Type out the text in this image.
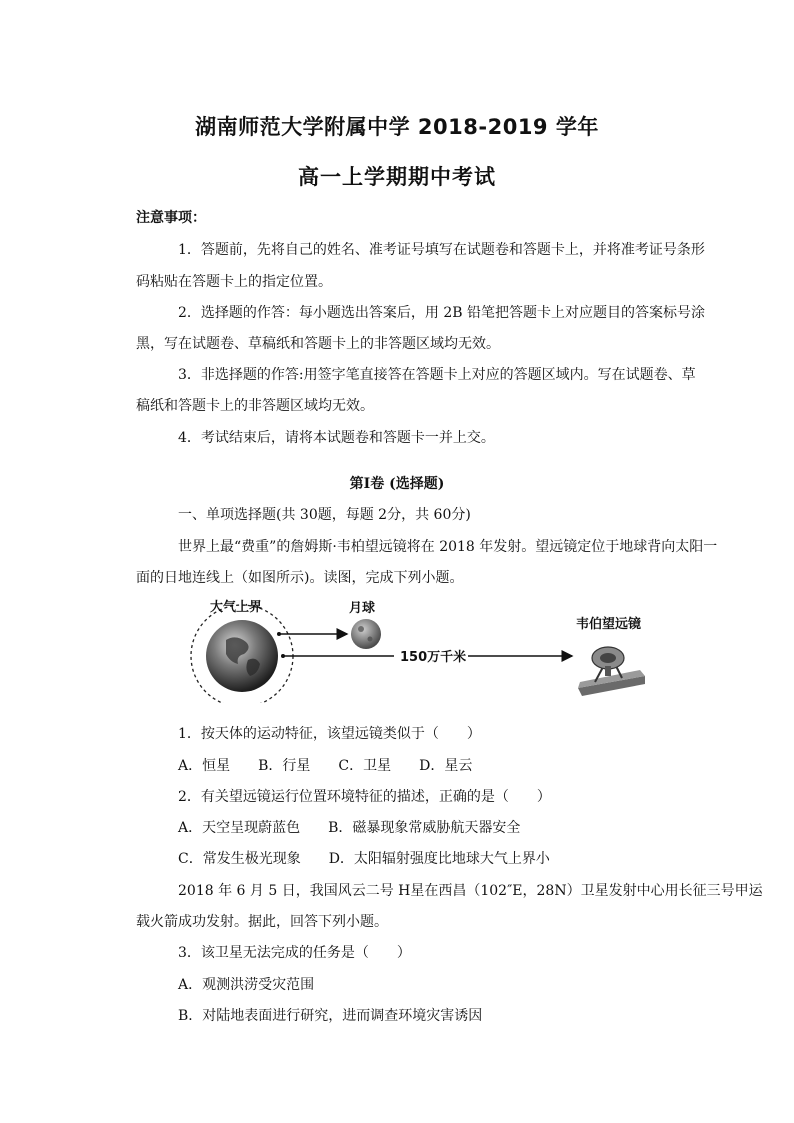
湖南师范大学附属中学 2018-2019 学年
高一上学期期中考试
注意事项：
1．答题前，先将自己的姓名、准考证号填写在试题卷和答题卡上，并将准考证号条形
码粘贴在答题卡上的指定位置。
2．选择题的作答：每小题选出答案后，用 2B 铅笔把答题卡上对应题目的答案标号涂
黑，写在试题卷、草稿纸和答题卡上的非答题区域均无效。
3．非选择题的作答:用签字笔直接答在答题卡上对应的答题区域内。写在试题卷、草
稿纸和答题卡上的非答题区域均无效。
4．考试结束后，请将本试题卷和答题卡一并上交。
第Ⅰ卷 (选择题)
一、单项选择题(共 30题，每题 2分，共 60分)
世界上最“费重”的詹姆斯·韦柏望远镜将在 2018 年发射。望远镜定位于地球背向太阳一
面的日地连线上（如图所示)。读图，完成下列小题。
大气上界	月球
150万千米
韦伯望远镜
1．按天体的运动特征，该望远镜类似于（　　）
A．恒星　　B．行星　　C．卫星　　D．星云
2．有关望远镜运行位置环境特征的描述，正确的是（　　）
A．天空呈现蔚蓝色　　B．磁暴现象常威胁航天器安全
C．常发生极光现象　　D．太阳辐射强度比地球大气上界小
2018 年 6 月 5 日，我国风云二号 H星在西昌（102″E，28N）卫星发射中心用长征三号甲运
载火箭成功发射。据此，回答下列小题。
3．该卫星无法完成的任务是（　　）
A．观测洪涝受灾范围
B．对陆地表面进行研究，进而调查环境灾害诱因
